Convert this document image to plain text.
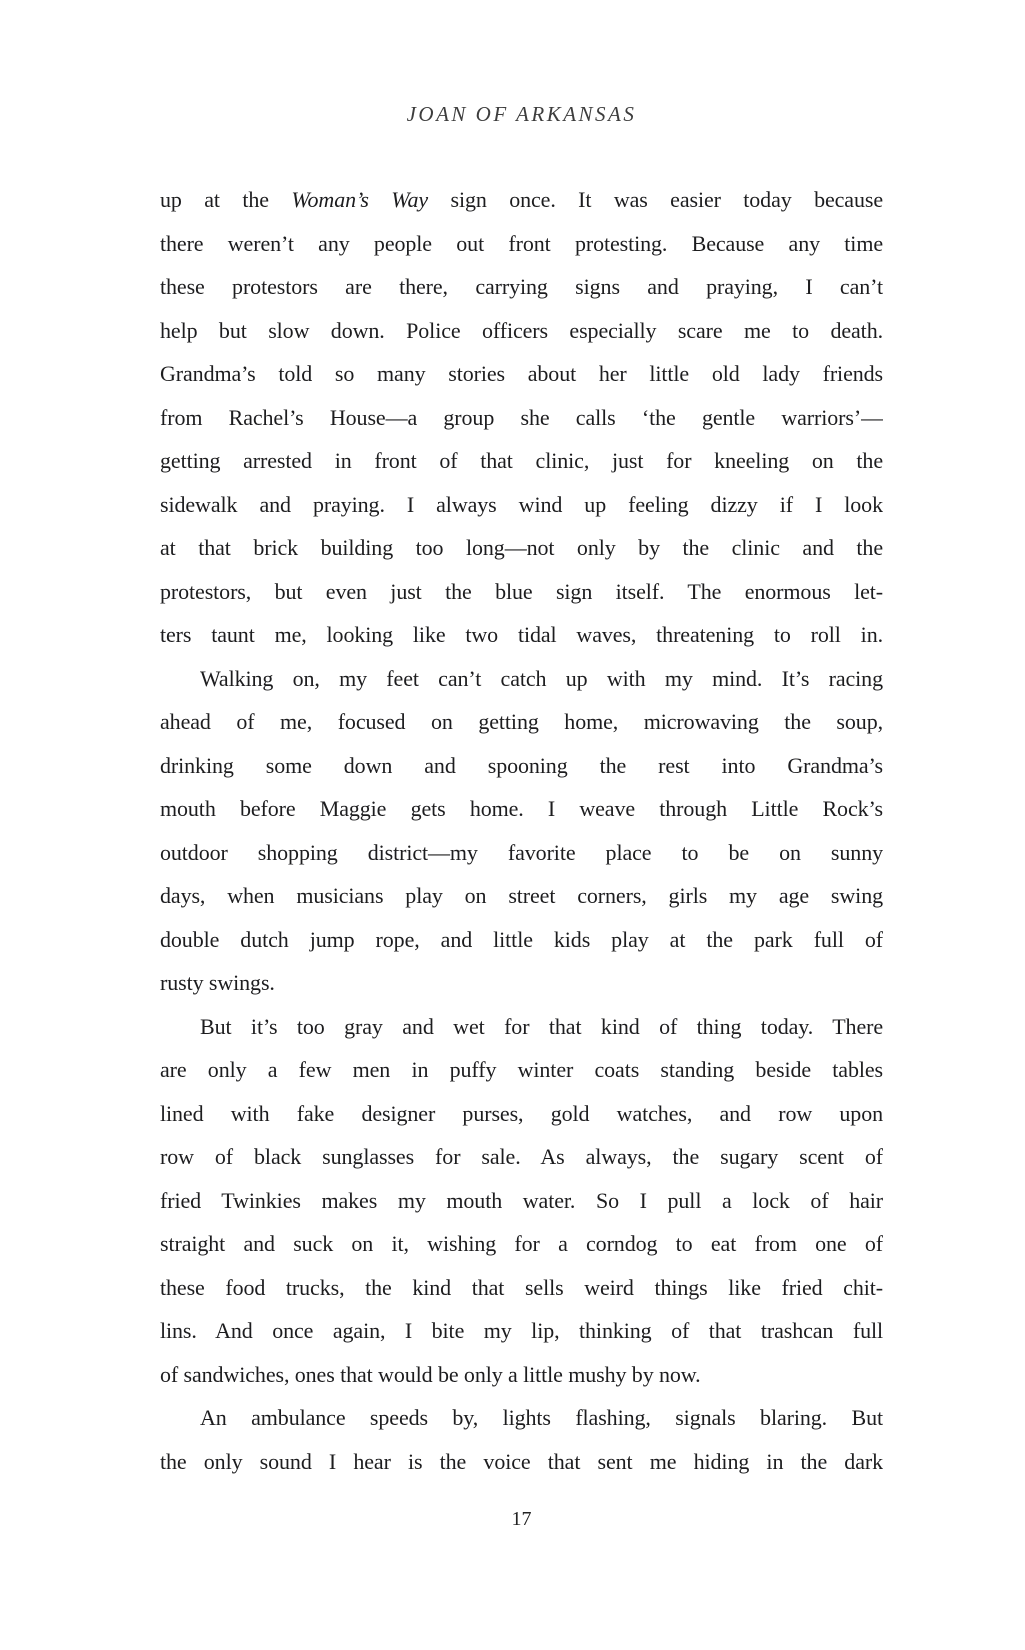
JOAN OF ARKANSAS
up at the Woman’s Way sign once. It was easier today because
there weren’t any people out front protesting. Because any time
these protestors are there, carrying signs and praying, I can’t
help but slow down. Police officers especially scare me to death.
Grandma’s told so many stories about her little old lady friends
from Rachel’s House—a group she calls ‘the gentle warriors’—
getting arrested in front of that clinic, just for kneeling on the
sidewalk and praying. I always wind up feeling dizzy if I look
at that brick building too long—not only by the clinic and the
protestors, but even just the blue sign itself. The enormous let-
ters taunt me, looking like two tidal waves, threatening to roll in.
Walking on, my feet can’t catch up with my mind. It’s racing
ahead of me, focused on getting home, microwaving the soup,
drinking some down and spooning the rest into Grandma’s
mouth before Maggie gets home. I weave through Little Rock’s
outdoor shopping district—my favorite place to be on sunny
days, when musicians play on street corners, girls my age swing
double dutch jump rope, and little kids play at the park full of
rusty swings.
But it’s too gray and wet for that kind of thing today. There
are only a few men in puffy winter coats standing beside tables
lined with fake designer purses, gold watches, and row upon
row of black sunglasses for sale. As always, the sugary scent of
fried Twinkies makes my mouth water. So I pull a lock of hair
straight and suck on it, wishing for a corndog to eat from one of
these food trucks, the kind that sells weird things like fried chit-
lins. And once again, I bite my lip, thinking of that trashcan full
of sandwiches, ones that would be only a little mushy by now.
An ambulance speeds by, lights flashing, signals blaring. But
the only sound I hear is the voice that sent me hiding in the dark
17
